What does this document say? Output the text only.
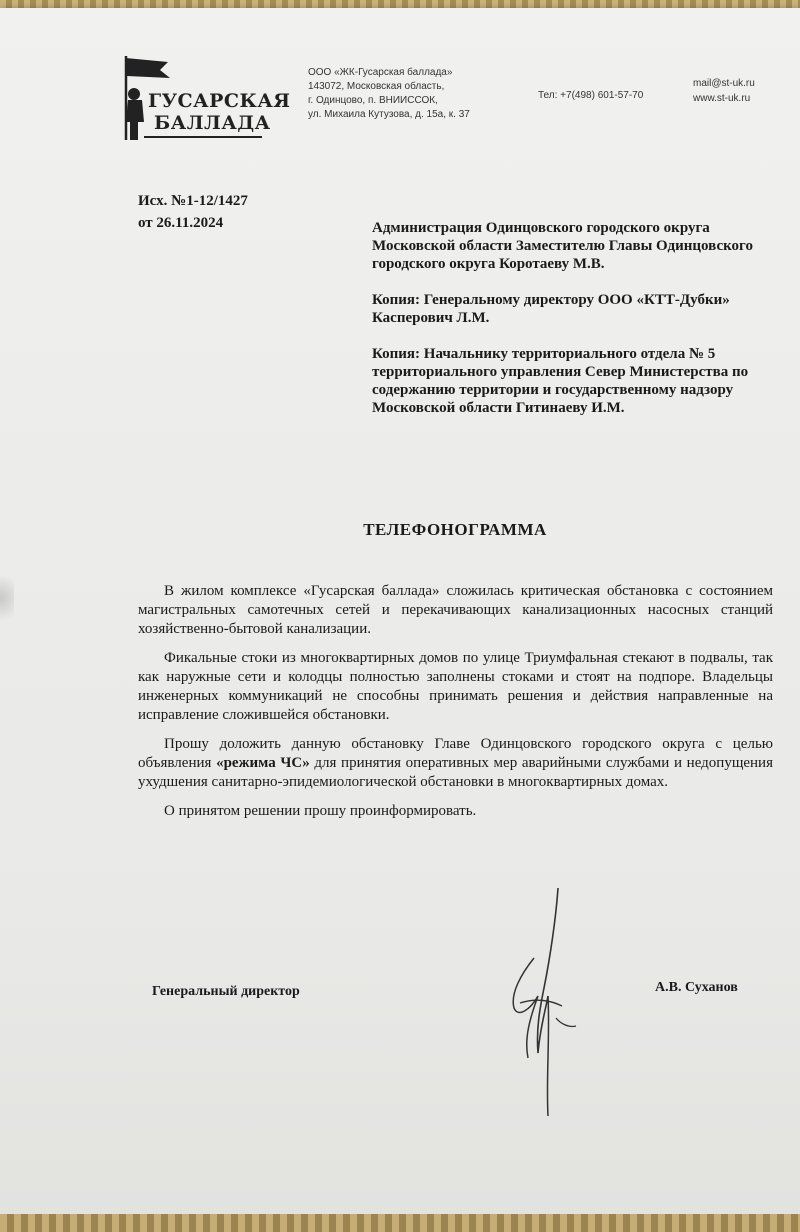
ГУСАРСКАЯ
БАЛЛАДА
ООО «ЖК-Гусарская баллада»
143072, Московская область,
г. Одинцово, п. ВНИИССОК,
ул. Михаила Кутузова, д. 15а, к. 37
Тел: +7(498) 601-57-70
mail@st-uk.ru
www.st-uk.ru
Исх. №1-12/1427
от 26.11.2024	Администрация Одинцовского городского округа Московской области Заместителю Главы Одинцовского городского округа Коротаеву М.В.

Копия: Генеральному директору ООО «КТТ-Дубки» Касперович Л.М.

Копия: Начальнику территориального отдела № 5 территориального управления Север Министерства по содержанию территории и государственному надзору Московской области Гитинаеву И.М.

ТЕЛЕФОНОГРАММА

В жилом комплексе «Гусарская баллада» сложилась критическая обстановка с состоянием магистральных самотечных сетей и перекачивающих канализационных насосных станций хозяйственно-бытовой канализации.

Фикальные стоки из многоквартирных домов по улице Триумфальная стекают в подвалы, так как наружные сети и колодцы полностью заполнены стоками и стоят на подпоре. Владельцы инженерных коммуникаций не способны принимать решения и действия направленные на исправление сложившейся обстановки.

Прошу доложить данную обстановку Главе Одинцовского городского округа с целью объявления «режима ЧС» для принятия оперативных мер аварийными службами и недопущения ухудшения санитарно-эпидемиологической обстановки в многоквартирных домах.

О принятом решении прошу проинформировать.

Генеральный директор	А.В. Суханов
